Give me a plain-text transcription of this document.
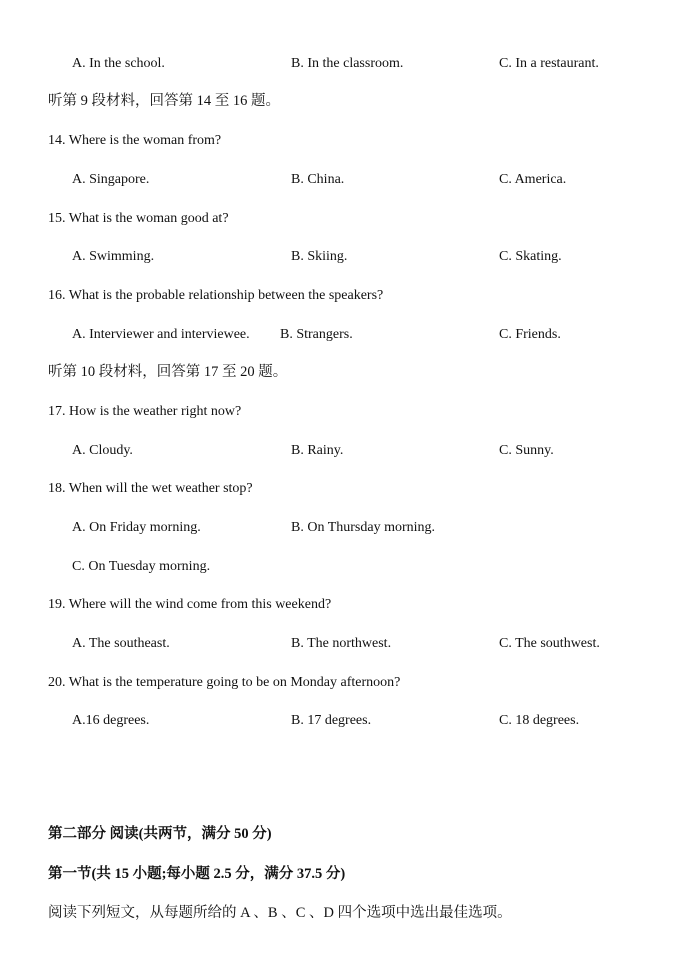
A. In the school.	B. In the classroom.	C. In a restaurant.
听第 9 段材料，回答第 14 至 16 题。
14. Where is the woman from?
A. Singapore.	B. China.	C. America.
15. What is the woman good at?
A. Swimming.	B. Skiing.	C. Skating.
16. What is the probable relationship between the speakers?
A. Interviewer and interviewee. B. Strangers.	C. Friends.
听第 10 段材料，回答第 17 至 20 题。
17. How is the weather right now?
A. Cloudy.	B. Rainy.	C. Sunny.
18. When will the wet weather stop?
A. On Friday morning.	B. On Thursday morning.
C. On Tuesday morning.
19. Where will the wind come from this weekend?
A. The southeast.	B. The northwest.	C. The southwest.
20. What is the temperature going to be on Monday afternoon?
A.16 degrees.	B. 17 degrees.	C. 18 degrees.
第二部分 阅读(共两节，满分 50 分)
第一节(共 15 小题;每小题 2.5 分，满分 37.5 分)
阅读下列短文，从每题所给的 A 、B 、C 、D 四个选项中选出最佳选项。
